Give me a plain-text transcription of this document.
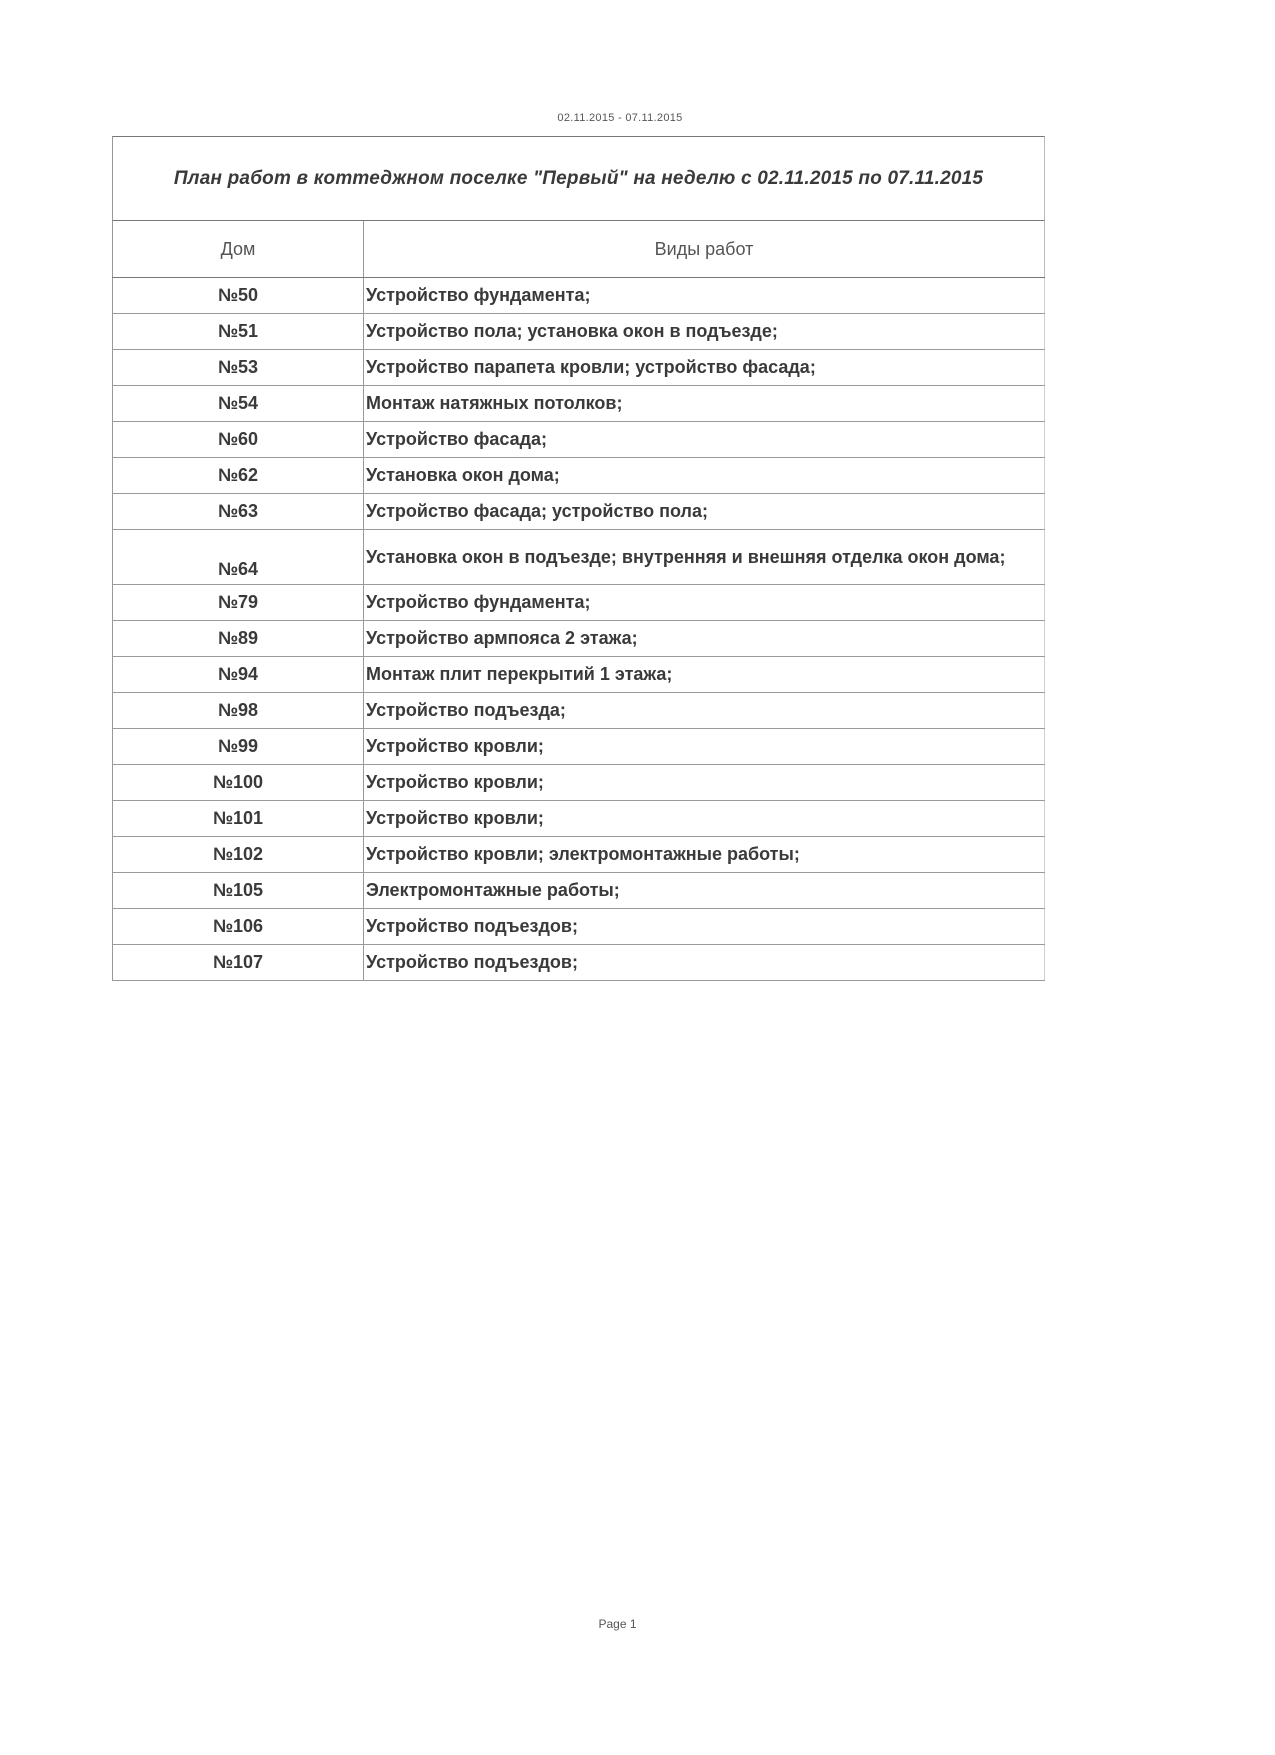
02.11.2015 - 07.11.2015
План работ в коттеджном поселке "Первый" на неделю с 02.11.2015 по 07.11.2015
Дом	Виды работ
№50	Устройство фундамента;
№51	Устройство пола; установка окон в подъезде;
№53	Устройство парапета кровли; устройство фасада;
№54	Монтаж натяжных потолков;
№60	Устройство фасада;
№62	Установка окон дома;
№63	Устройство фасада; устройство пола;
№64	Установка окон в подъезде; внутренняя и внешняя отделка окон дома;
№79	Устройство фундамента;
№89	Устройство армпояса 2 этажа;
№94	Монтаж плит перекрытий 1 этажа;
№98	Устройство подъезда;
№99	Устройство кровли;
№100	Устройство кровли;
№101	Устройство кровли;
№102	Устройство кровли; электромонтажные работы;
№105	Электромонтажные работы;
№106	Устройство подъездов;
№107	Устройство подъездов;
Page 1
